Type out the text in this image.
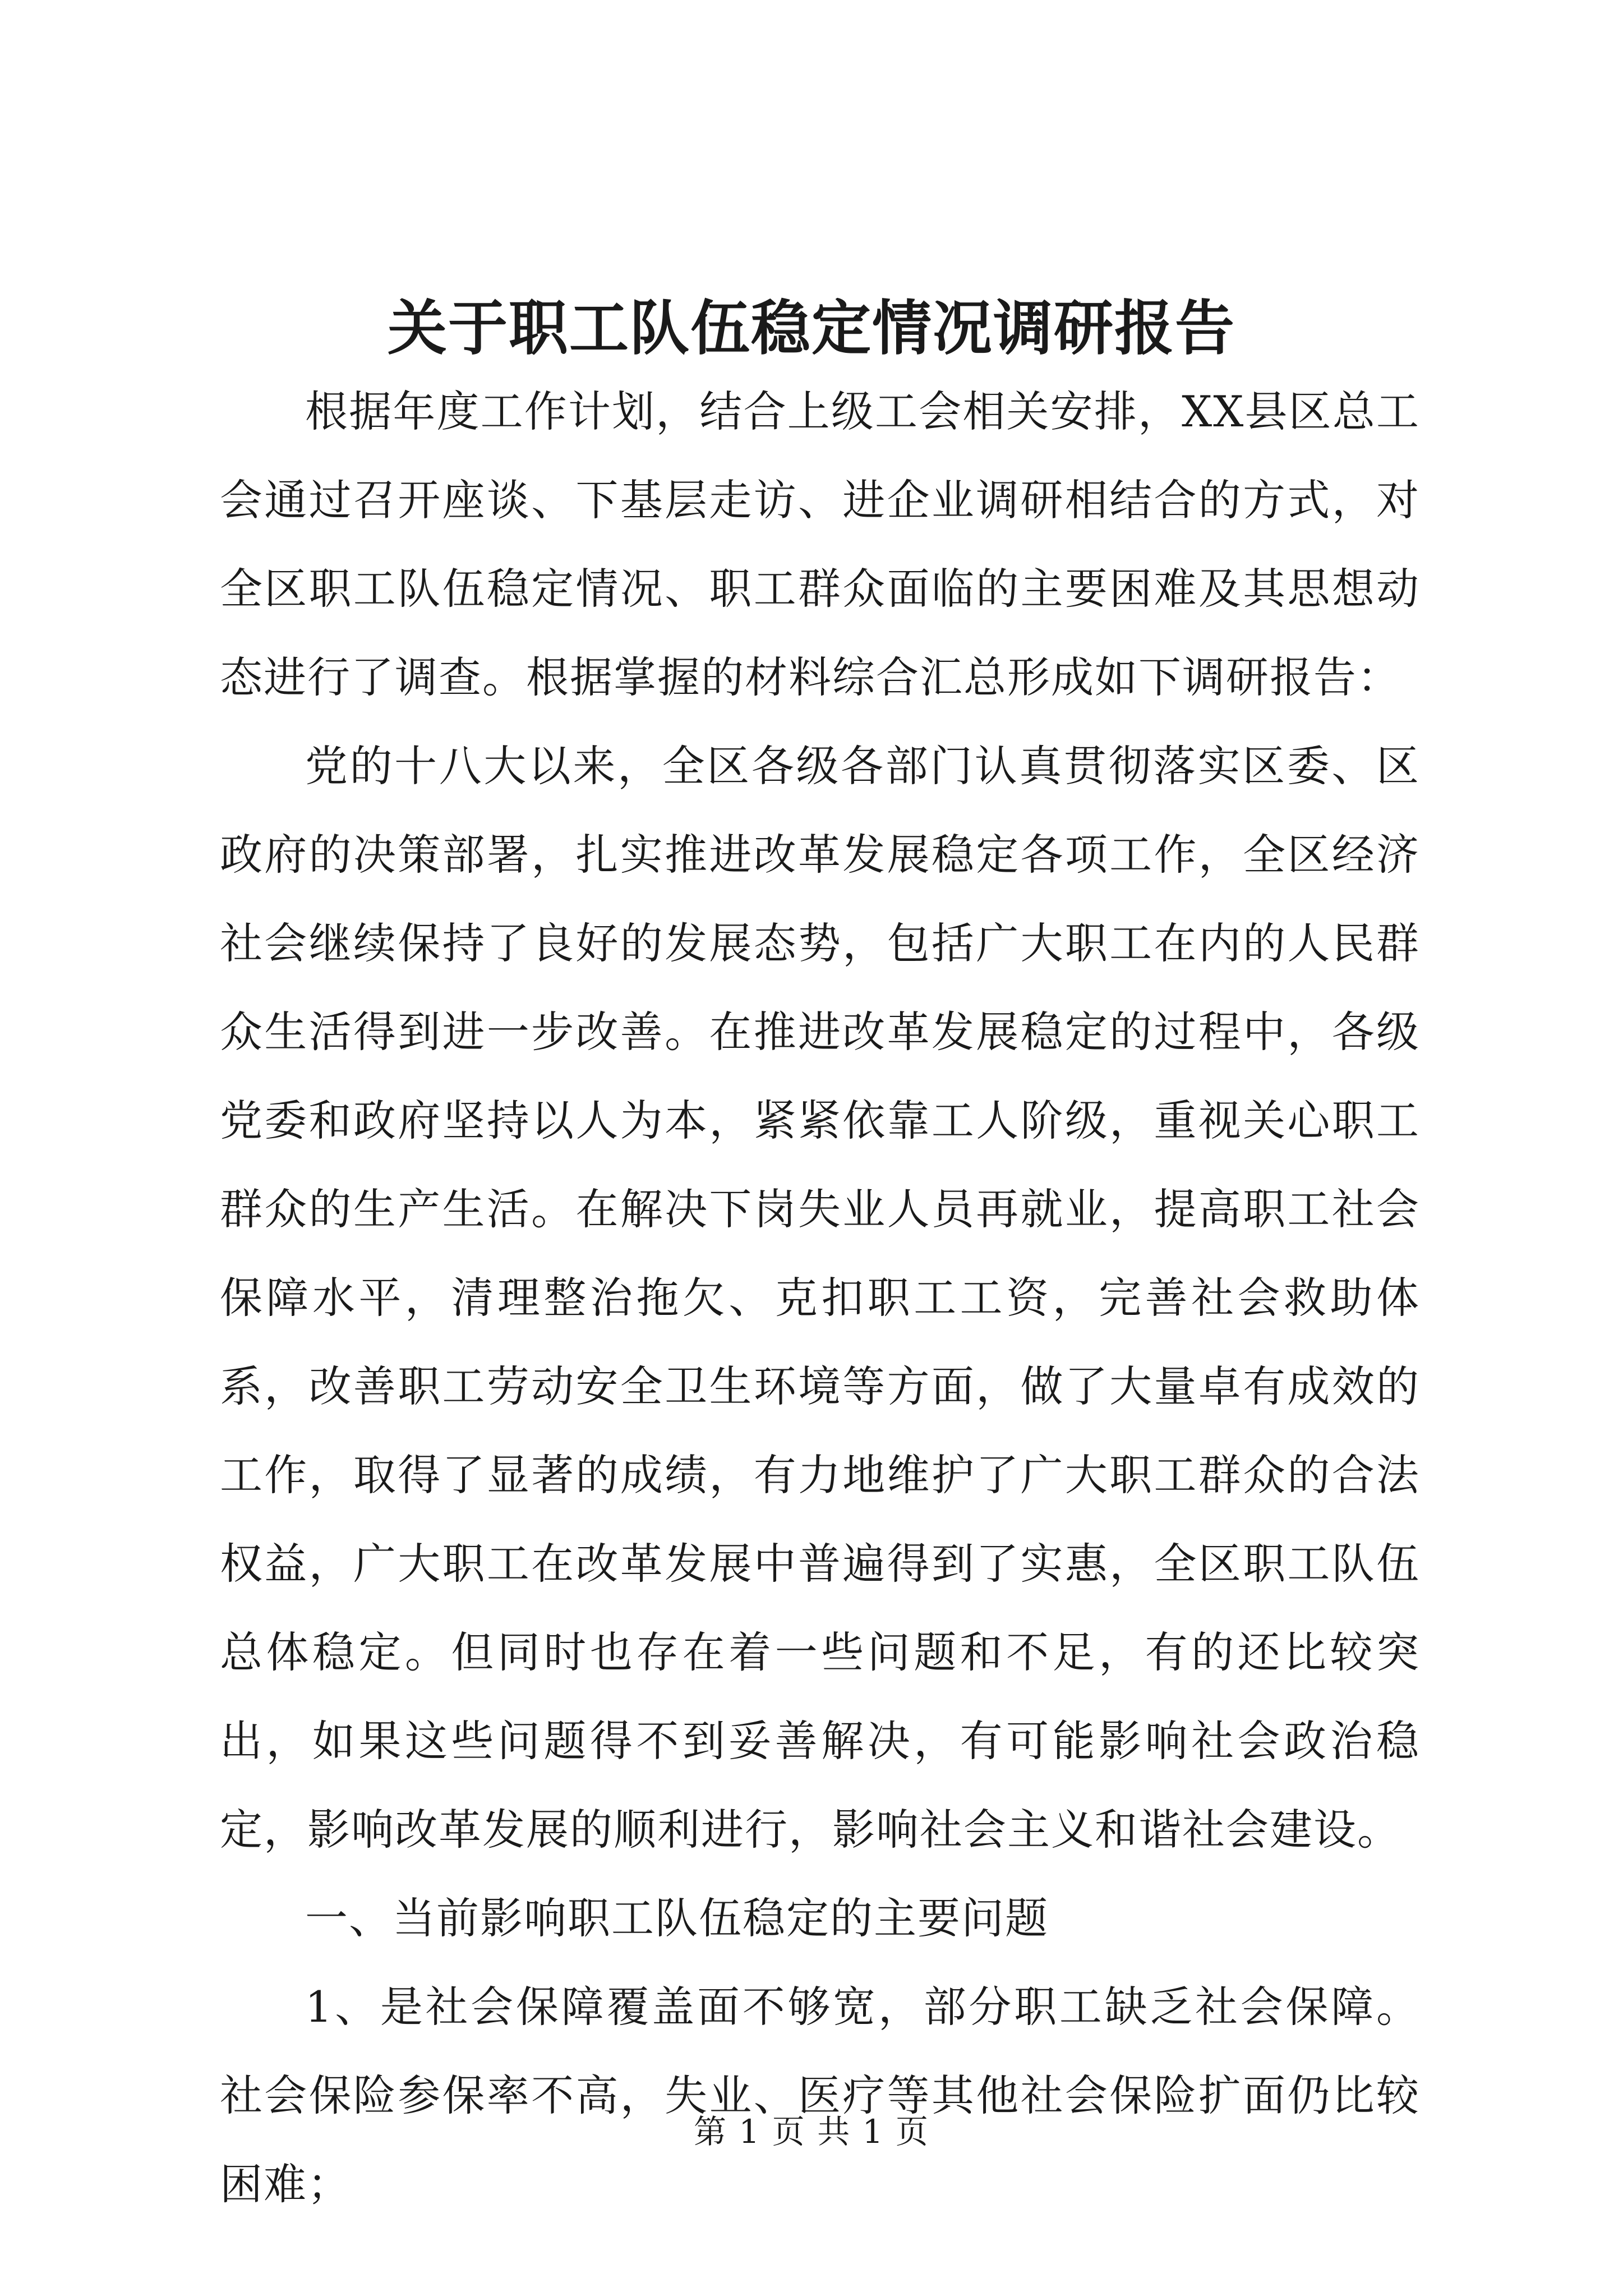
关于职工队伍稳定情况调研报告

根据年度工作计划，结合上级工会相关安排，XX县区总工会通过召开座谈、下基层走访、进企业调研相结合的方式，对全区职工队伍稳定情况、职工群众面临的主要困难及其思想动态进行了调查。根据掌握的材料综合汇总形成如下调研报告：

党的十八大以来，全区各级各部门认真贯彻落实区委、区政府的决策部署，扎实推进改革发展稳定各项工作，全区经济社会继续保持了良好的发展态势，包括广大职工在内的人民群众生活得到进一步改善。在推进改革发展稳定的过程中，各级党委和政府坚持以人为本，紧紧依靠工人阶级，重视关心职工群众的生产生活。在解决下岗失业人员再就业，提高职工社会保障水平，清理整治拖欠、克扣职工工资，完善社会救助体系，改善职工劳动安全卫生环境等方面，做了大量卓有成效的工作，取得了显著的成绩，有力地维护了广大职工群众的合法权益，广大职工在改革发展中普遍得到了实惠，全区职工队伍总体稳定。但同时也存在着一些问题和不足，有的还比较突出，如果这些问题得不到妥善解决，有可能影响社会政治稳定，影响改革发展的顺利进行，影响社会主义和谐社会建设。

一、当前影响职工队伍稳定的主要问题

1、是社会保障覆盖面不够宽，部分职工缺乏社会保障。社会保险参保率不高，失业、医疗等其他社会保险扩面仍比较困难；

第 1 页 共 1 页
